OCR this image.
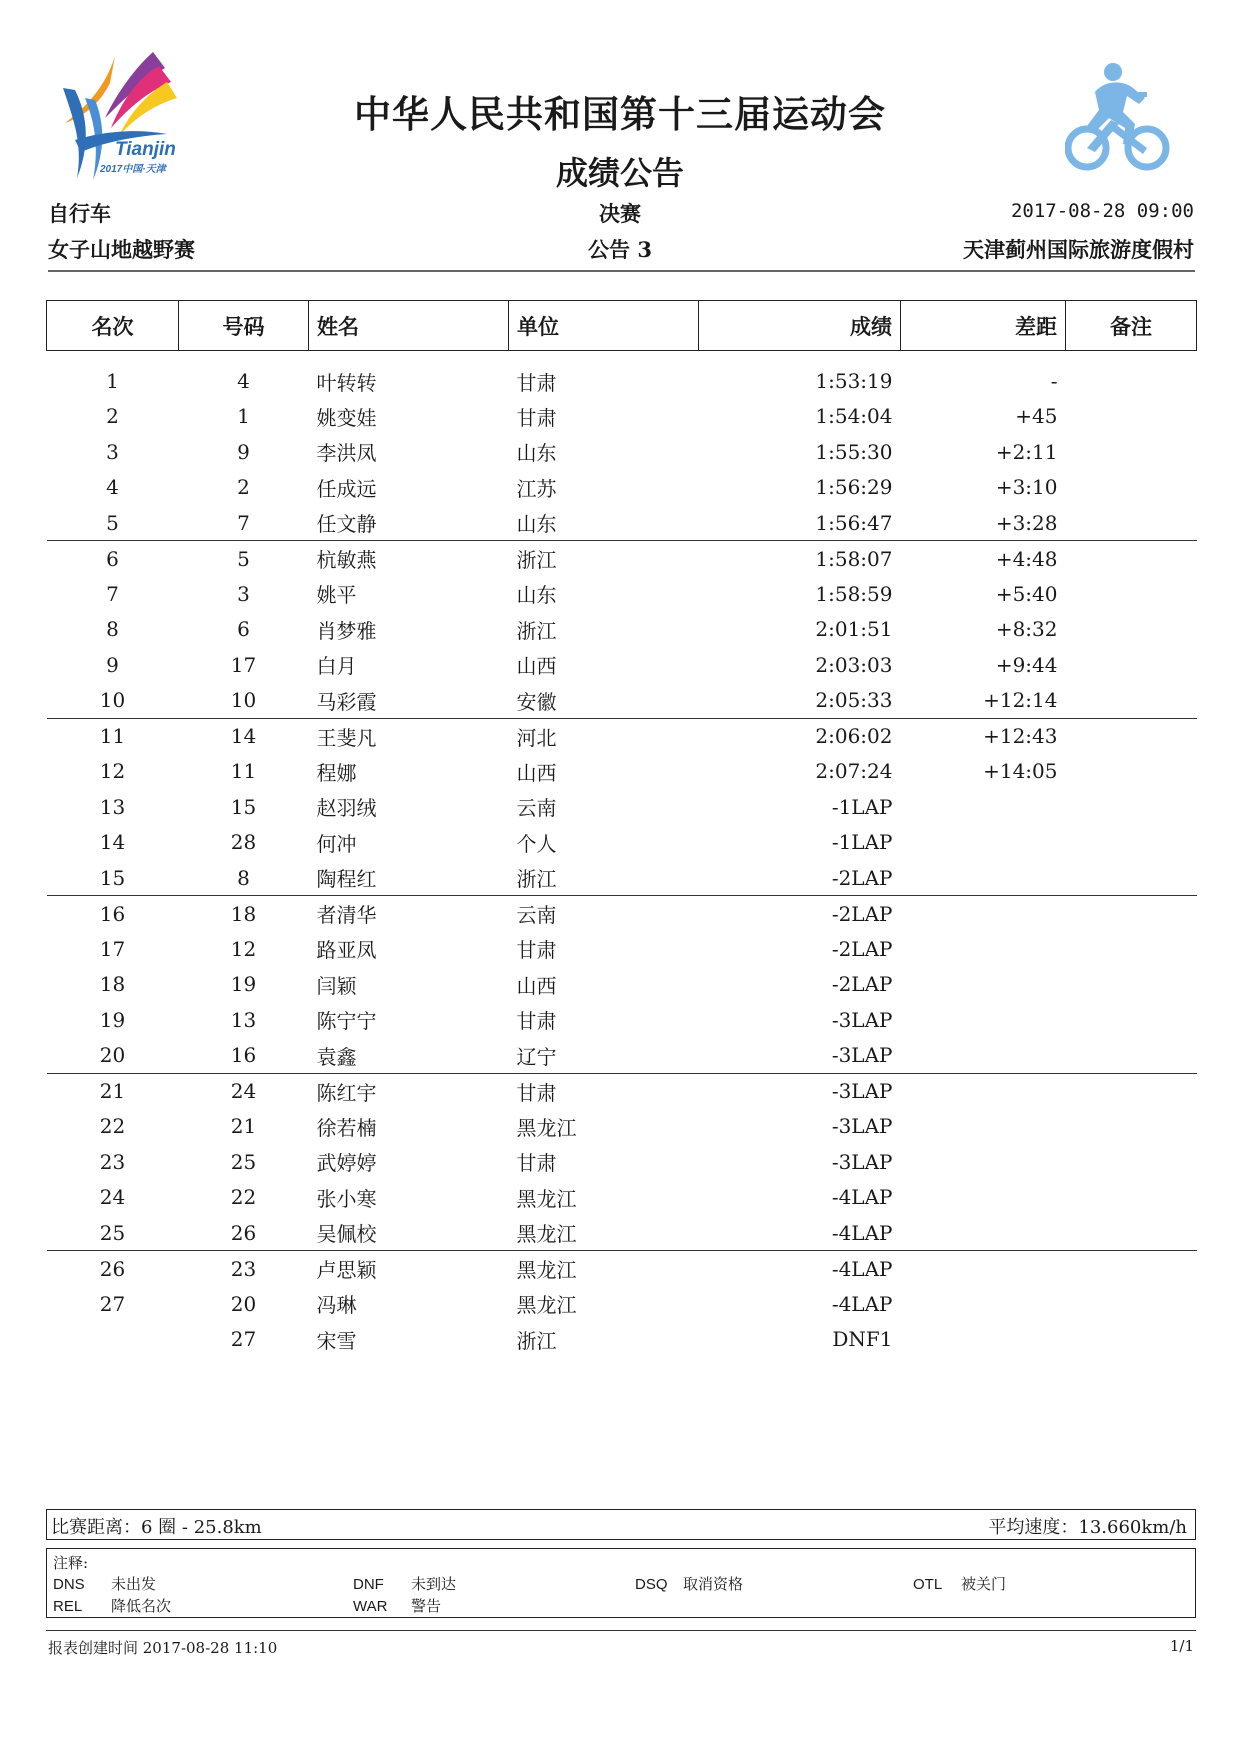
Tianjin
2017中国·天津
中华人民共和国第十三届运动会
成绩公告
自行车	决赛	2017-08-28 09:00
女子山地越野赛	公告 3	天津蓟州国际旅游度假村
名次	号码	姓名	单位	成绩	差距	备注
1	4	叶转转	甘肃	1:53:19	-	
2	1	姚变娃	甘肃	1:54:04	+45	
3	9	李洪凤	山东	1:55:30	+2:11	
4	2	任成远	江苏	1:56:29	+3:10	
5	7	任文静	山东	1:56:47	+3:28	
6	5	杭敏燕	浙江	1:58:07	+4:48	
7	3	姚平	山东	1:58:59	+5:40	
8	6	肖梦雅	浙江	2:01:51	+8:32	
9	17	白月	山西	2:03:03	+9:44	
10	10	马彩霞	安徽	2:05:33	+12:14	
11	14	王斐凡	河北	2:06:02	+12:43	
12	11	程娜	山西	2:07:24	+14:05	
13	15	赵羽绒	云南	-1LAP		
14	28	何冲	个人	-1LAP		
15	8	陶程红	浙江	-2LAP		
16	18	者清华	云南	-2LAP		
17	12	路亚凤	甘肃	-2LAP		
18	19	闫颖	山西	-2LAP		
19	13	陈宁宁	甘肃	-3LAP		
20	16	袁鑫	辽宁	-3LAP		
21	24	陈红宇	甘肃	-3LAP		
22	21	徐若楠	黑龙江	-3LAP		
23	25	武婷婷	甘肃	-3LAP		
24	22	张小寒	黑龙江	-4LAP		
25	26	吴佩校	黑龙江	-4LAP		
26	23	卢思颖	黑龙江	-4LAP		
27	20	冯琳	黑龙江	-4LAP		
	27	宋雪	浙江	DNF1		
比赛距离：6 圈 - 25.8km	平均速度：13.660km/h
注释:
DNS 未出发	DNF 未到达	DSQ 取消资格	OTL 被关门
REL 降低名次	WAR 警告
报表创建时间 2017-08-28 11:10	1/1
